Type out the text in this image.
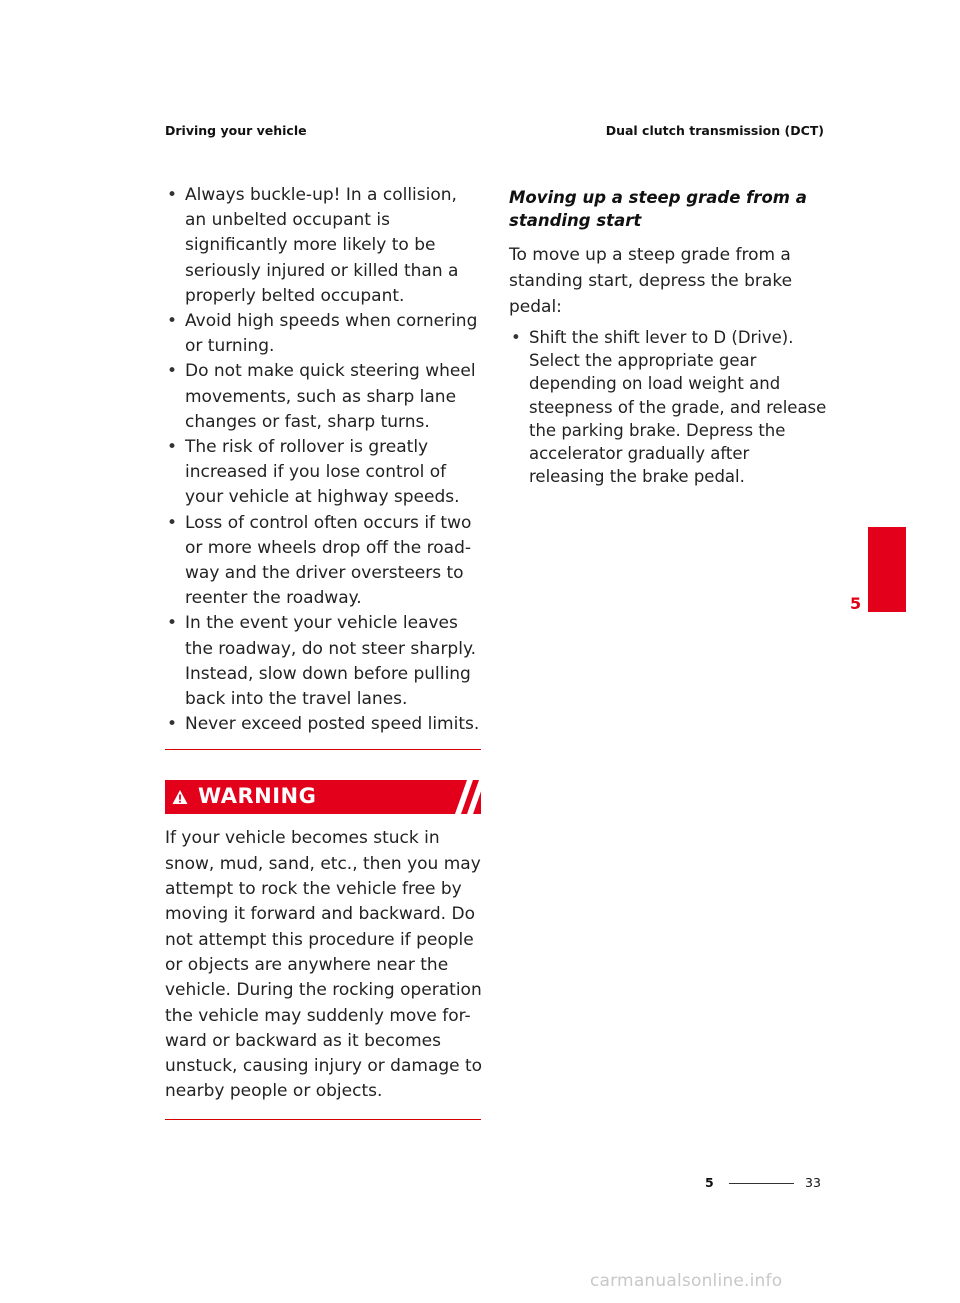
Driving your vehicle	Dual clutch transmission (DCT)
• Always buckle-up! In a collision, an unbelted occupant is significantly more likely to be seriously injured or killed than a properly belted occupant.
• Avoid high speeds when cornering or turning.
• Do not make quick steering wheel movements, such as sharp lane changes or fast, sharp turns.
• The risk of rollover is greatly increased if you lose control of your vehicle at highway speeds.
• Loss of control often occurs if two or more wheels drop off the road-way and the driver oversteers to reenter the roadway.
• In the event your vehicle leaves the roadway, do not steer sharply. Instead, slow down before pulling back into the travel lanes.
• Never exceed posted speed limits.
WARNING
If your vehicle becomes stuck in snow, mud, sand, etc., then you may attempt to rock the vehicle free by moving it forward and backward. Do not attempt this procedure if people or objects are anywhere near the vehicle. During the rocking operation the vehicle may suddenly move for-ward or backward as it becomes unstuck, causing injury or damage to nearby people or objects.
Moving up a steep grade from a standing start

To move up a steep grade from a standing start, depress the brake pedal:

• Shift the shift lever to D (Drive). Select the appropriate gear depending on load weight and steepness of the grade, and release the parking brake. Depress the accelerator gradually after releasing the brake pedal.
5
5	33
carmanualsonline.info
